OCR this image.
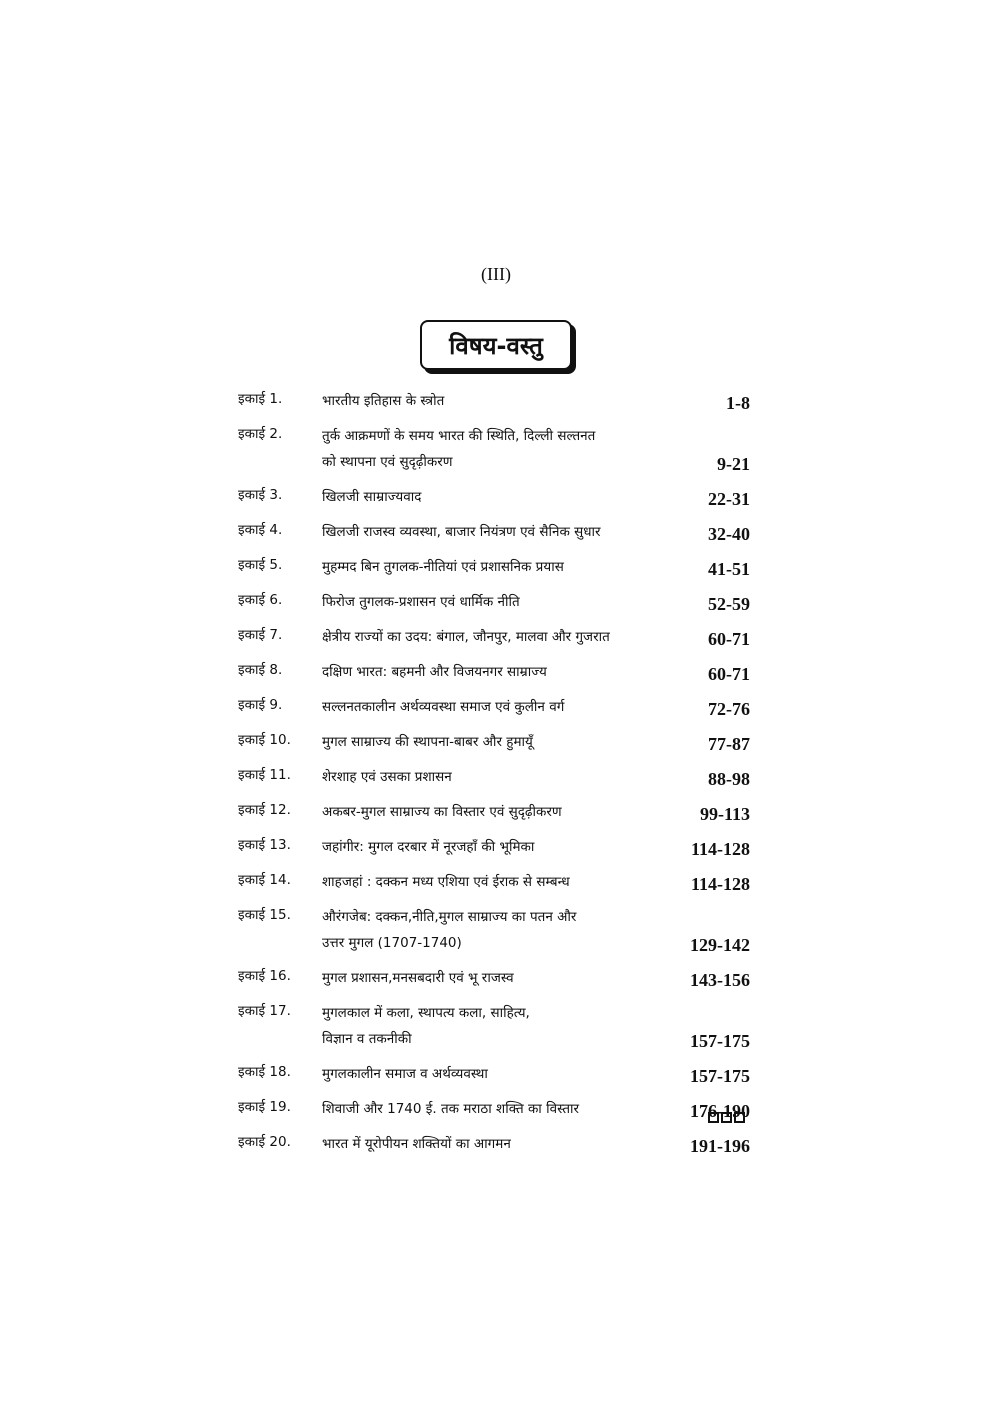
(III)
विषय-वस्तु
इकाई 1.	भारतीय इतिहास के स्त्रोत	1-8
इकाई 2.	तुर्क आक्रमणों के समय भारत की स्थिति, दिल्ली सल्तनत
को स्थापना एवं सुदृढ़ीकरण	9-21
इकाई 3.	खिलजी साम्राज्यवाद	22-31
इकाई 4.	खिलजी राजस्व व्यवस्था, बाजार नियंत्रण एवं सैनिक सुधार	32-40
इकाई 5.	मुहम्मद बिन तुगलक-नीतियां एवं प्रशासनिक प्रयास	41-51
इकाई 6.	फिरोज तुगलक-प्रशासन एवं धार्मिक नीति	52-59
इकाई 7.	क्षेत्रीय राज्यों का उदय: बंगाल, जौनपुर, मालवा और गुजरात	60-71
इकाई 8.	दक्षिण भारत: बहमनी और विजयनगर साम्राज्य	60-71
इकाई 9.	सल्लनतकालीन अर्थव्यवस्था समाज एवं कुलीन वर्ग	72-76
इकाई 10.	मुगल साम्राज्य की स्थापना-बाबर और हुमायूँ	77-87
इकाई 11.	शेरशाह एवं उसका प्रशासन	88-98
इकाई 12.	अकबर-मुगल साम्राज्य का विस्तार एवं सुदृढ़ीकरण	99-113
इकाई 13.	जहांगीर: मुगल दरबार में नूरजहाँ की भूमिका	114-128
इकाई 14.	शाहजहां : दक्कन मध्य एशिया एवं ईराक से सम्बन्ध	114-128
इकाई 15.	औरंगजेब: दक्कन,नीति,मुगल साम्राज्य का पतन और
उत्तर मुगल (1707-1740)	129-142
इकाई 16.	मुगल प्रशासन,मनसबदारी एवं भू राजस्व	143-156
इकाई 17.	मुगलकाल में कला, स्थापत्य कला, साहित्य,
विज्ञान व तकनीकी	157-175
इकाई 18.	मुगलकालीन समाज व अर्थव्यवस्था	157-175
इकाई 19.	शिवाजी और 1740 ई. तक मराठा शक्ति का विस्तार	176-190
इकाई 20.	भारत में यूरोपीयन शक्तियों का आगमन	191-196
